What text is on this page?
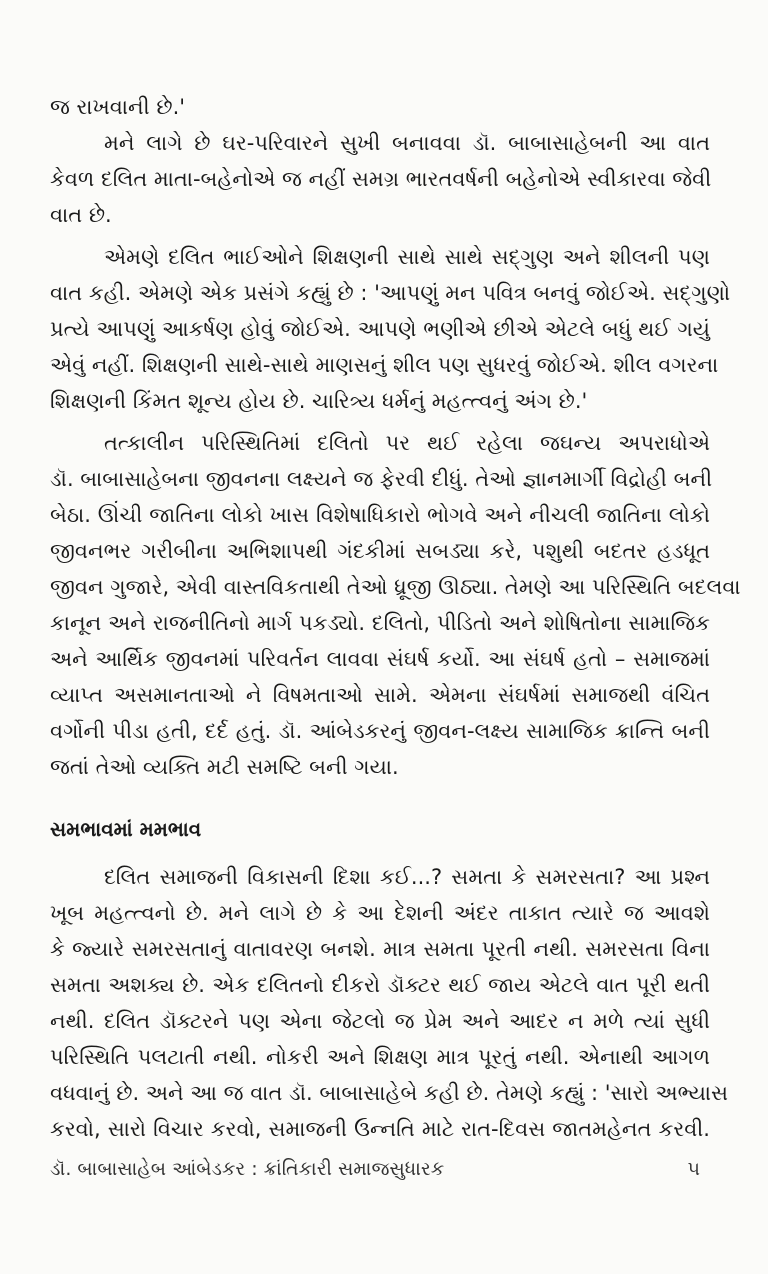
જ રાખવાની છે.'
મને લાગે છે ઘર-પરિવારને સુખી બનાવવા ડૉ. બાબાસાહેબની આ વાત
કેવળ દલિત માતા-બહેનોએ જ નહીં સમગ્ર ભારતવર્ષની બહેનોએ સ્વીકારવા જેવી
વાત છે.
એમણે દલિત ભાઈઓને શિક્ષણની સાથે સાથે સદ્ગુણ અને શીલની પણ
વાત કહી. એમણે એક પ્રસંગે કહ્યું છે : 'આપણું મન પવિત્ર બનવું જોઈએ. સદ્ગુણો
પ્રત્યે આપણું આકર્ષણ હોવું જોઈએ. આપણે ભણીએ છીએ એટલે બધું થઈ ગયું
એવું નહીં. શિક્ષણની સાથે-સાથે માણસનું શીલ પણ સુધરવું જોઈએ. શીલ વગરના
શિક્ષણની કિંમત શૂન્ય હોય છે. ચારિત્ર્ય ધર્મનું મહત્ત્વનું અંગ છે.'
તત્કાલીન પરિસ્થિતિમાં દલિતો પર થઈ રહેલા જઘન્ય અપરાધોએ
ડૉ. બાબાસાહેબના જીવનના લક્ષ્યને જ ફેરવી દીધું. તેઓ જ્ઞાનમાર્ગી વિદ્રોહી બની
બેઠા. ઊંચી જાતિના લોકો ખાસ વિશેષાધિકારો ભોગવે અને નીચલી જાતિના લોકો
જીવનભર ગરીબીના અભિશાપથી ગંદકીમાં સબડ્યા કરે, પશુથી બદતર હડધૂત
જીવન ગુજારે, એવી વાસ્તવિકતાથી તેઓ ધ્રૂજી ઊઠ્યા. તેમણે આ પરિસ્થિતિ બદલવા
કાનૂન અને રાજનીતિનો માર્ગ પકડ્યો. દલિતો, પીડિતો અને શોષિતોના સામાજિક
અને આર્થિક જીવનમાં પરિવર્તન લાવવા સંઘર્ષ કર્યો. આ સંઘર્ષ હતો – સમાજમાં
વ્યાપ્ત અસમાનતાઓ ને વિષમતાઓ સામે. એમના સંઘર્ષમાં સમાજથી વંચિત
વર્ગોની પીડા હતી, દર્દ હતું. ડૉ. આંબેડકરનું જીવન-લક્ષ્ય સામાજિક ક્રાન્તિ બની
જતાં તેઓ વ્યક્તિ મટી સમષ્ટિ બની ગયા.
સમભાવમાં મમભાવ
દલિત સમાજની વિકાસની દિશા કઈ...? સમતા કે સમરસતા? આ પ્રશ્ન
ખૂબ મહત્ત્વનો છે. મને લાગે છે કે આ દેશની અંદર તાકાત ત્યારે જ આવશે
કે જ્યારે સમરસતાનું વાતાવરણ બનશે. માત્ર સમતા પૂરતી નથી. સમરસતા વિના
સમતા અશક્ય છે. એક દલિતનો દીકરો ડૉક્ટર થઈ જાય એટલે વાત પૂરી થતી
નથી. દલિત ડૉક્ટરને પણ એના જેટલો જ પ્રેમ અને આદર ન મળે ત્યાં સુધી
પરિસ્થિતિ પલટાતી નથી. નોકરી અને શિક્ષણ માત્ર પૂરતું નથી. એનાથી આગળ
વધવાનું છે. અને આ જ વાત ડૉ. બાબાસાહેબે કહી છે. તેમણે કહ્યું : 'સારો અભ્યાસ
કરવો, સારો વિચાર કરવો, સમાજની ઉન્નતિ માટે રાત-દિવસ જાતમહેનત કરવી.
ડૉ. બાબાસાહેબ આંબેડકર : ક્રાંતિકારી સમાજસુધારક	૫
